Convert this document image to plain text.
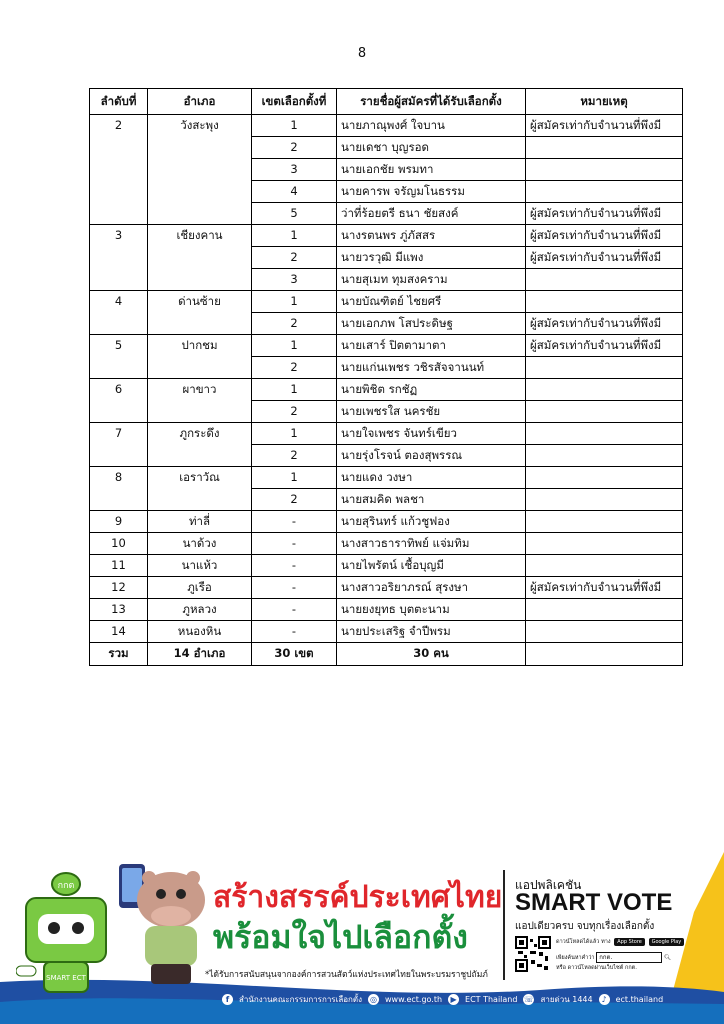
8
ลำดับที่	อำเภอ	เขตเลือกตั้งที่	รายชื่อผู้สมัครที่ได้รับเลือกตั้ง	หมายเหตุ
2	วังสะพุง	1	นายภาณุพงศ์ ใจบาน	ผู้สมัครเท่ากับจำนวนที่พึงมี
		2	นายเดชา บุญรอด	
		3	นายเอกชัย พรมทา	
		4	นายคารพ จรัญมโนธรรม	
		5	ว่าที่ร้อยตรี ธนา ชัยสงค์	ผู้สมัครเท่ากับจำนวนที่พึงมี
3	เชียงคาน	1	นางรตนพร ภู่ภัสสร	ผู้สมัครเท่ากับจำนวนที่พึงมี
		2	นายวรวุฒิ มีแพง	ผู้สมัครเท่ากับจำนวนที่พึงมี
		3	นายสุเมท ทุมสงคราม	
4	ด่านซ้าย	1	นายบัณฑิตย์ ไชยศรี	
		2	นายเอกภพ โสประดิษฐ	ผู้สมัครเท่ากับจำนวนที่พึงมี
5	ปากชม	1	นายเสาร์ ปิตตามาตา	ผู้สมัครเท่ากับจำนวนที่พึงมี
		2	นายแก่นเพชร วชิรสัจจานนท์	
6	ผาขาว	1	นายพิชิต รกชัฏ	
		2	นายเพชรใส นครชัย	
7	ภูกระดึง	1	นายใจเพชร จันทร์เขียว	
		2	นายรุ่งโรจน์ ตองสุพรรณ	
8	เอราวัณ	1	นายแดง วงษา	
		2	นายสมคิด พลชา	
9	ท่าลี่	-	นายสุรินทร์ แก้วชูฟอง	
10	นาด้วง	-	นางสาวธาราทิพย์ แจ่มทิม	
11	นาแห้ว	-	นายไพรัตน์ เชื้อบุญมี	
12	ภูเรือ	-	นางสาวอริยาภรณ์ สุรงษา	ผู้สมัครเท่ากับจำนวนที่พึงมี
13	ภูหลวง	-	นายยงยุทธ บุตตะนาม	
14	หนองหิน	-	นายประเสริฐ จำปีพรม	
รวม	14 อำเภอ	30 เขต	30 คน	
กกต
SMART ECT
สร้างสรรค์ประเทศไทย
พร้อมใจไปเลือกตั้ง
*ได้รับการสนับสนุนจากองค์การสวนสัตว์แห่งประเทศไทยในพระบรมราชูปถัมภ์
แอปพลิเคชัน
SMART VOTE
แอปเดียวครบ จบทุกเรื่องเลือกตั้ง
ดาวน์โหลดได้แล้ว ทาง App Store Google Play
เพียงค้นหาคำว่า กกต.	🔍︎
หรือ ดาวน์โหลดผ่านเว็บไซต์ กกต.
f	สำนักงานคณะกรรมการการเลือกตั้ง ◎ www.ect.go.th	▶	ECT Thailand ☏ สายด่วน 1444	♪	ect.thailand
